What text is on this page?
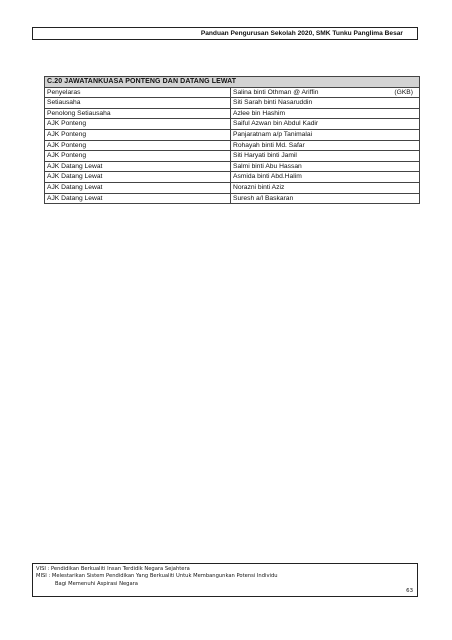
Panduan Pengurusan Sekolah 2020, SMK Tunku Panglima Besar
C.20 JAWATANKUASA PONTENG DAN DATANG LEWAT	
Penyelaras	Salina binti Othman @ Ariffin (GKB)

Setiausaha	Siti Sarah binti Nasaruddin
Penolong Setiausaha	Azlee bin Hashim
AJK Ponteng	Saiful Azwan bin Abdul Kadir
AJK Ponteng	Panjaratnam a/p Tanimalai
AJK Ponteng	Rohayah binti Md. Safar
AJK Ponteng	Siti Haryati binti Jamil
AJK Datang Lewat	Salmi binti Abu Hassan
AJK Datang Lewat	Asmida binti Abd.Halim
AJK Datang Lewat	Norazni binti Aziz
AJK Datang Lewat	Suresh a/l Baskaran
VISI : Pendidikan Berkualiti Insan Terdidik Negara Sejahtera
MISI : Melestarikan Sistem Pendidikan Yang Berkualiti Untuk Membangunkan Potensi Individu
Bagi Memenuhi Aspirasi Negara
63
